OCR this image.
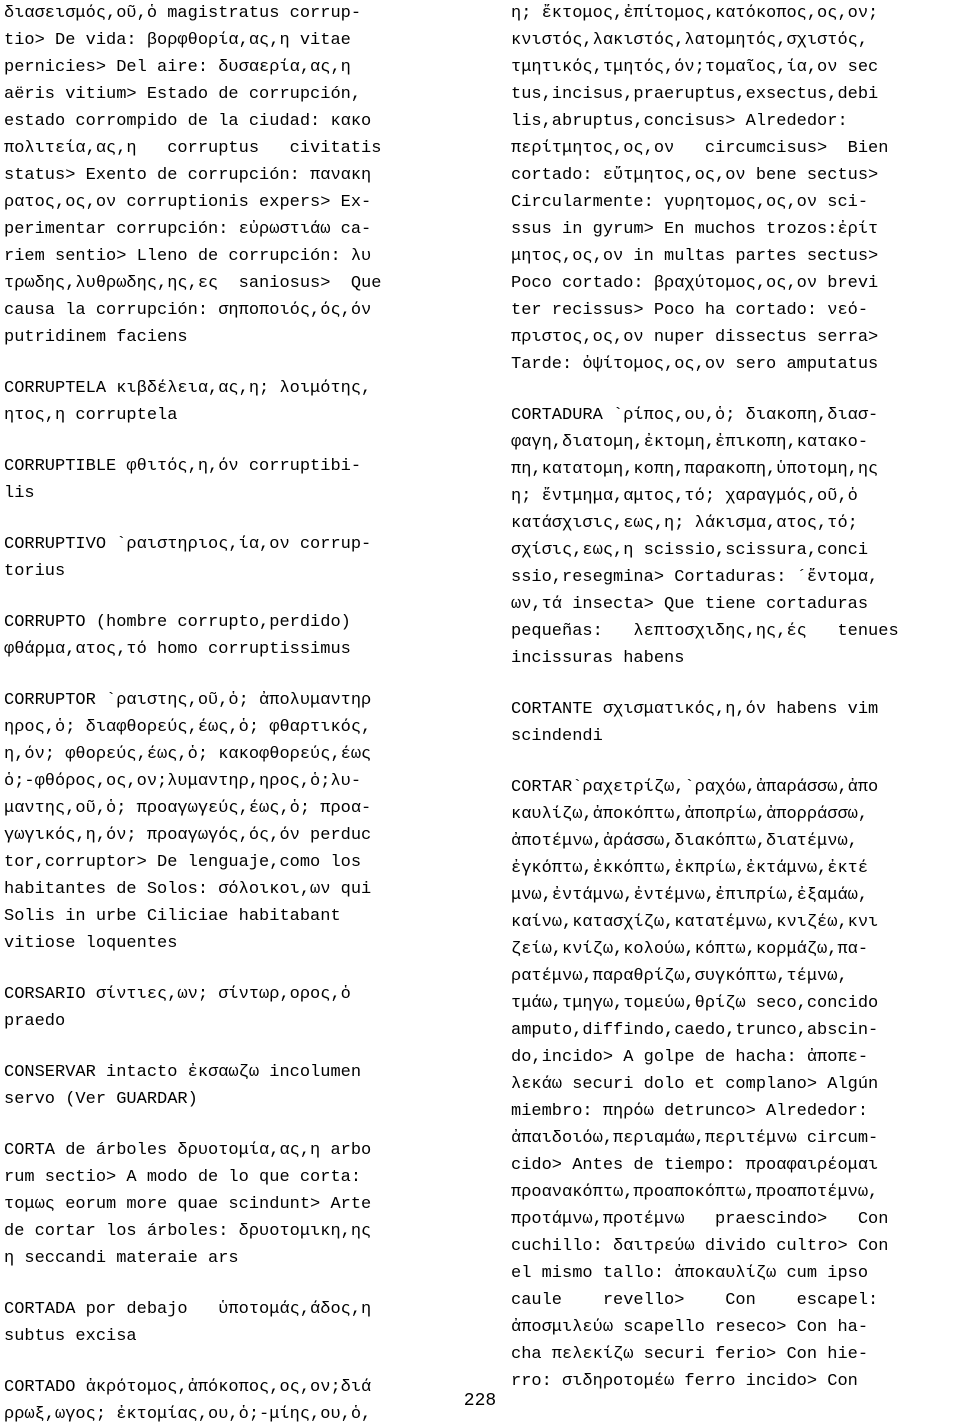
διασεισμός,οῦ,ὁ magistratus corrup-
tio> De vida: βορφθορία,ας,η vitae
pernicies> Del aire: δυσαερία,ας,η
aëris vitium> Estado de corrupción,
estado corrompido de la ciudad: κακο
πολιτεία,ας,η   corruptus   civitatis
status> Exento de corrupción: πανακη
ρατος,ος,ον corruptionis expers> Ex-
perimentar corrupción: εὐρωστιάω ca-
riem sentio> Lleno de corrupción: λυ
τρωδης,λυθρωδης,ης,ες  saniosus>  Que
causa la corrupción: σηποποιός,ός,όν
putridinem faciens
CORRUPTELA κιβδέλεια,ας,η; λοιμότης,
ητος,η corruptela
CORRUPTIBLE φθιτός,η,όν corruptibi-
lis
CORRUPTIVO `ραιστηριος,ία,ον corrup-
torius
CORRUPTO (hombre corrupto,perdido)
φθάρμα,ατος,τό homo corruptissimus
CORRUPTOR `ραιστης,οῦ,ὁ; ἀπολυμαντηρ
ηρος,ὁ; διαφθορεύς,έως,ὁ; φθαρτικός,
η,όν; φθορεύς,έως,ὁ; κακοφθορεύς,έως
ὁ;-φθόρος,ος,ον;λυμαντηρ,ηρος,ὁ;λυ-
μαντης,οῦ,ὁ; προαγωγεύς,έως,ὁ; προα-
γωγικός,η,όν; προαγωγός,ός,όν perduc
tor,corruptor> De lenguaje,como los
habitantes de Solos: σόλοικοι,ων qui
Solis in urbe Ciliciae habitabant
vitiose loquentes
CORSARIO σίντιες,ων; σίντωρ,ορος,ὁ
praedo
CONSERVAR intacto ἐκσαωζω incolumen
servo (Ver GUARDAR)
CORTA de árboles δρυοτομία,ας,η arbo
rum sectio> A modo de lo que corta:
τομως eorum more quae scindunt> Arte
de cortar los árboles: δρυοτομικη,ης
η seccandi materaie ars
CORTADA por debajo   ὑποτομάς,άδος,η
subtus excisa
CORTADO ἀκρότομος,ἀπόκοπος,ος,ον;διά
ρρωξ,ωγος; ἐκτομίας,ου,ὁ;-μίης,ου,ὁ,
η; ἔκτομος,ἐπίτομος,κατόκοπος,ος,ον;
κνιστός,λακιστός,λατομητός,σχιστός,
τμητικός,τμητός,όν;τομαῖος,ία,ον sec
tus,incisus,praeruptus,exsectus,debi
lis,abruptus,concisus> Alrededor:
περίτμητος,ος,ον   circumcisus>  Bien
cortado: εὔτμητος,ος,ον bene sectus>
Circularmente: γυρητομος,ος,ον sci-
ssus in gyrum> En muchos trozos:ἐρίτ
μητος,ος,ον in multas partes sectus>
Poco cortado: βραχύτομος,ος,ον brevi
ter recissus> Poco ha cortado: νεό-
πριστος,ος,ον nuper dissectus serra>
Tarde: ὀψίτομος,ος,ον sero amputatus
CORTADURA `ρίπος,ου,ὁ; διακοπη,διασ-
φαγη,διατομη,ἐκτομη,ἐπικοπη,κατακο-
πη,κατατομη,κοπη,παρακοπη,ὑποτομη,ης
η; ἔντμημα,αμτος,τό; χαραγμός,οῦ,ὁ
κατάσχισις,εως,η; λάκισμα,ατος,τό;
σχίσις,εως,η scissio,scissura,conci
ssio,resegmina> Cortaduras: ´ἔντομα,
ων,τά insecta> Que tiene cortaduras
pequeñas:   λεπτοσχιδης,ης,ές   tenues
incissuras habens
CORTANTE σχισματικός,η,όν habens vim
scindendi
CORTAR`ραχετρίζω,`ραχόω,ἀπαράσσω,ἀπο
καυλίζω,ἀποκόπτω,ἀποπρίω,ἀπορράσσω,
ἀποτέμνω,ἀράσσω,διακόπτω,διατέμνω,
ἐγκόπτω,ἐκκόπτω,ἐκπρίω,ἐκτάμνω,ἐκτέ
μνω,ἐντάμνω,ἐντέμνω,ἐπιπρίω,ἐξαμάω,
καίνω,κατασχίζω,κατατέμνω,κνιζέω,κνι
ζείω,κνίζω,κολούω,κόπτω,κορμάζω,πα-
ρατέμνω,παραθρίζω,συγκόπτω,τέμνω,
τμάω,τμηγω,τομεύω,θρίζω seco,concido
amputo,diffindo,caedo,trunco,abscin-
do,incido> A golpe de hacha: ἀποπε-
λεκάω securi dolo et complano> Algún
miembro: πηρόω detrunco> Alrededor:
ἀπαιδοιόω,περιαμάω,περιτέμνω circum-
cido> Antes de tiempo: προαφαιρέομαι
προανακόπτω,προαποκόπτω,προαποτέμνω,
προτάμνω,προτέμνω   praescindo>   Con
cuchillo: δαιτρεύω divido cultro> Con
el mismo tallo: ἀποκαυλίζω cum ipso
caule    revello>    Con    escapel:
ἀποσμιλεύω scapello reseco> Con ha-
cha πελεκίζω securi ferio> Con hie-
rro: σιδηροτομέω ferro incido> Con
228
